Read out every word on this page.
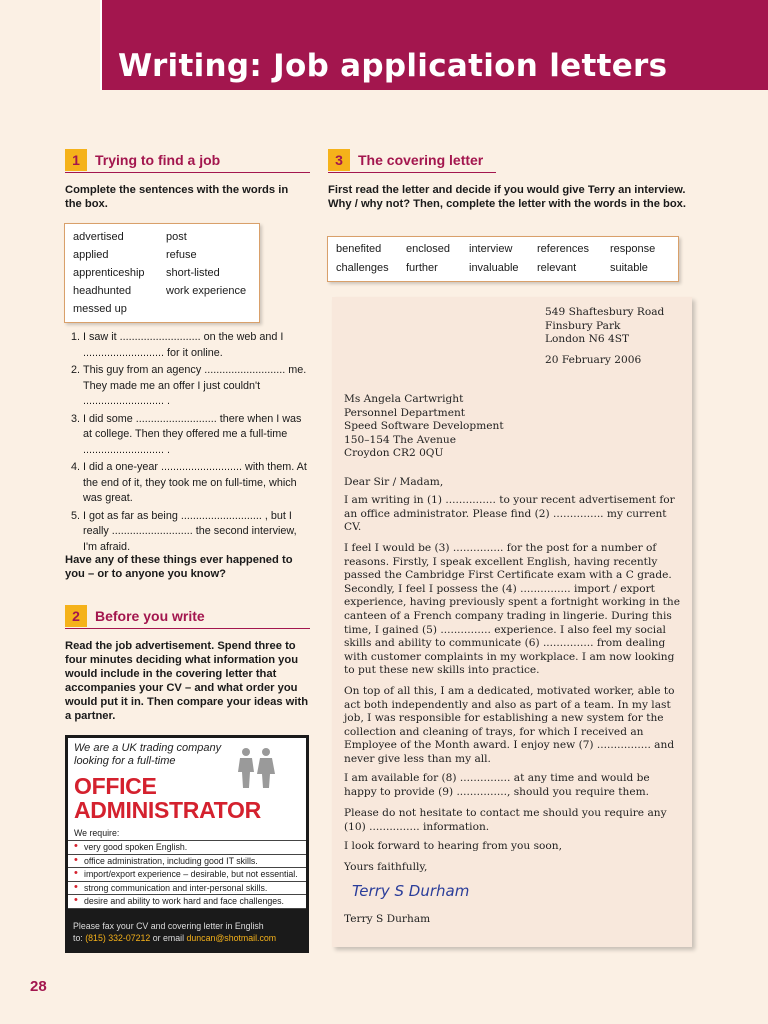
Writing: Job application letters
1	Trying to find a job
Complete the sentences with the words in the box.
advertised	post
applied	refuse
apprenticeship	short-listed
headhunted	work experience
messed up
1. I saw it ........................... on the web and I ........................... for it online.
2. This guy from an agency ........................... me. They made me an offer I just couldn't ........................... .
3. I did some ........................... there when I was at college. Then they offered me a full-time ........................... .
4. I did a one-year ........................... with them. At the end of it, they took me on full-time, which was great.
5. I got as far as being ........................... , but I really ........................... the second interview, I'm afraid.
Have any of these things ever happened to you – or to anyone you know?
2	Before you write
Read the job advertisement. Spend three to four minutes deciding what information you would include in the covering letter that accompanies your CV – and what order you would put it in. Then compare your ideas with a partner.
We are a UK trading company
looking for a full-time
OFFICE
ADMINISTRATOR
We require:
• very good spoken English.
• office administration, including good IT skills.
• import/export experience – desirable, but not essential.
• strong communication and inter-personal skills.
• desire and ability to work hard and face challenges.
Please fax your CV and covering letter in English
to: (815) 332-07212 or email duncan@shotmail.com
3	The covering letter
First read the letter and decide if you would give Terry an interview. Why / why not? Then, complete the letter with the words in the box.
benefited	enclosed	interview	references	response
challenges	further	invaluable	relevant	suitable
549 Shaftesbury Road
Finsbury Park
London N6 4ST
20 February 2006
Ms Angela Cartwright
Personnel Department
Speed Software Development
150–154 The Avenue
Croydon CR2 0QU
Dear Sir / Madam,
I am writing in (1) ............... to your recent advertisement for an office administrator. Please find (2) ............... my current CV.
I feel I would be (3) ............... for the post for a number of reasons. Firstly, I speak excellent English, having recently passed the Cambridge First Certificate exam with a C grade. Secondly, I feel I possess the (4) ............... import / export experience, having previously spent a fortnight working in the canteen of a French company trading in lingerie. During this time, I gained (5) ............... experience. I also feel my social skills and ability to communicate (6) ............... from dealing with customer complaints in my workplace. I am now looking to put these new skills into practice.
On top of all this, I am a dedicated, motivated worker, able to act both independently and also as part of a team. In my last job, I was responsible for establishing a new system for the collection and cleaning of trays, for which I received an Employee of the Month award. I enjoy new (7) ................ and never give less than my all.
I am available for (8) ............... at any time and would be happy to provide (9) ..............., should you require them.
Please do not hesitate to contact me should you require any (10) ............... information.
I look forward to hearing from you soon,
Yours faithfully,
Terry S Durham
Terry S Durham
28
